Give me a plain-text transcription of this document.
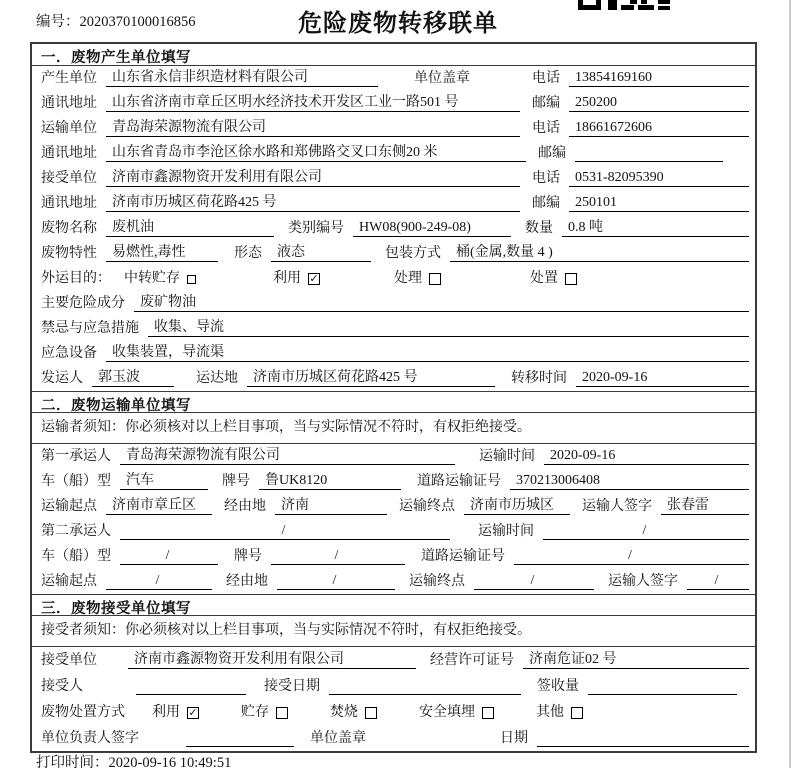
编号：2020370100016856	危险废物转移联单
一．废物产生单位填写
产生单位	山东省永信非织造材料有限公司	单位盖章	电话	13854169160
通讯地址	山东省济南市章丘区明水经济技术开发区工业一路501 号	邮编	250200
运输单位	青岛海荣源物流有限公司	电话	18661672606
通讯地址	山东省青岛市李沧区徐水路和郑佛路交叉口东侧20 米	邮编
接受单位	济南市鑫源物资开发利用有限公司	电话	0531-82095390
通讯地址	济南市历城区荷花路425 号	邮编	250101
废物名称	废机油	类别编号	HW08(900-249-08)	数量	0.8 吨
废物特性	易燃性,毒性	形态	液态	包装方式	桶(金属,数量 4 )
外运目的： 中转贮存	利用 ✓	处理	处置
主要危险成分	废矿物油
禁忌与应急措施	收集、导流
应急设备	收集装置，导流渠
发运人	郭玉波	运达地	济南市历城区荷花路425 号	转移时间	2020-09-16
二．废物运输单位填写
运输者须知：你必须核对以上栏目事项，当与实际情况不符时，有权拒绝接受。
第一承运人	青岛海荣源物流有限公司	运输时间	2020-09-16
车（船）型	汽车	牌号	鲁UK8120	道路运输证号	370213006408
运输起点	济南市章丘区	经由地	济南	运输终点	济南市历城区	运输人签字	张春雷
第二承运人	/	运输时间	/
车（船）型	/	牌号	/	道路运输证号	/
运输起点	/	经由地	/	运输终点	/	运输人签字	/
三．废物接受单位填写
接受者须知：你必须核对以上栏目事项，当与实际情况不符时，有权拒绝接受。
接受单位	济南市鑫源物资开发利用有限公司	经营许可证号	济南危证02 号
接受人	接受日期	签收量
废物处置方式 利用 ✓	贮存	焚烧	安全填埋	其他
单位负责人签字	单位盖章	日期
打印时间：2020-09-16 10:49:51
